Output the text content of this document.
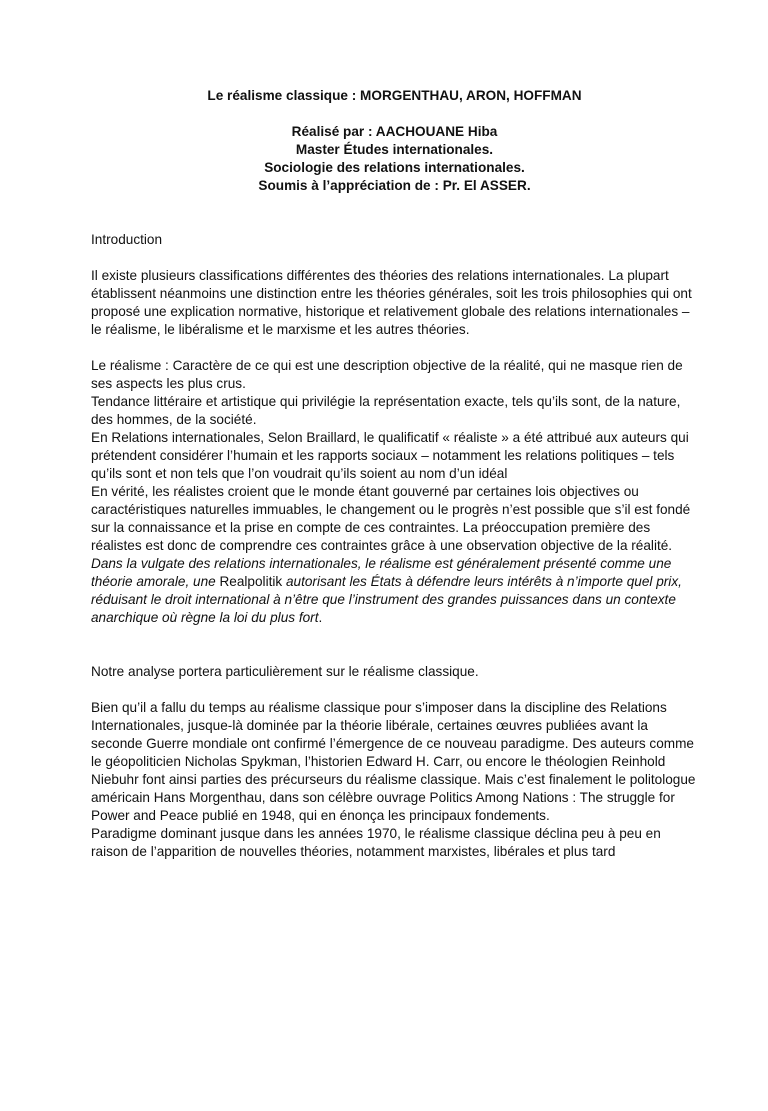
Le réalisme classique : MORGENTHAU, ARON, HOFFMAN
Réalisé par : AACHOUANE Hiba
Master Études internationales.
Sociologie des relations internationales.
Soumis à l’appréciation de : Pr. El ASSER.

Introduction

Il existe plusieurs classifications différentes des théories des relations internationales. La plupart établissent néanmoins une distinction entre les théories générales, soit les trois philosophies qui ont proposé une explication normative, historique et relativement globale des relations internationales – le réalisme, le libéralisme et le marxisme et les autres théories.

Le réalisme : Caractère de ce qui est une description objective de la réalité, qui ne masque rien de ses aspects les plus crus.

Tendance littéraire et artistique qui privilégie la représentation exacte, tels qu’ils sont, de la nature, des hommes, de la société.

En Relations internationales, Selon Braillard, le qualificatif « réaliste » a été attribué aux auteurs qui prétendent considérer l’humain et les rapports sociaux – notamment les relations politiques – tels qu’ils sont et non tels que l’on voudrait qu’ils soient au nom d’un idéal

En vérité, les réalistes croient que le monde étant gouverné par certaines lois objectives ou caractéristiques naturelles immuables, le changement ou le progrès n’est possible que s’il est fondé sur la connaissance et la prise en compte de ces contraintes. La préoccupation première des réalistes est donc de comprendre ces contraintes grâce à une observation objective de la réalité.

Dans la vulgate des relations internationales, le réalisme est généralement présenté comme une théorie amorale, une Realpolitik autorisant les États à défendre leurs intérêts à n’importe quel prix, réduisant le droit international à n’être que l’instrument des grandes puissances dans un contexte anarchique où règne la loi du plus fort.

Notre analyse portera particulièrement sur le réalisme classique.

Bien qu’il a fallu du temps au réalisme classique pour s’imposer dans la discipline des Relations Internationales, jusque-là dominée par la théorie libérale, certaines œuvres publiées avant la seconde Guerre mondiale ont confirmé l’émergence de ce nouveau paradigme. Des auteurs comme le géopoliticien Nicholas Spykman, l’historien Edward H. Carr, ou encore le théologien Reinhold Niebuhr font ainsi parties des précurseurs du réalisme classique. Mais c’est finalement le politologue américain Hans Morgenthau, dans son célèbre ouvrage Politics Among Nations : The struggle for Power and Peace publié en 1948, qui en énonça les principaux fondements.

Paradigme dominant jusque dans les années 1970, le réalisme classique déclina peu à peu en raison de l’apparition de nouvelles théories, notamment marxistes, libérales et plus tard
